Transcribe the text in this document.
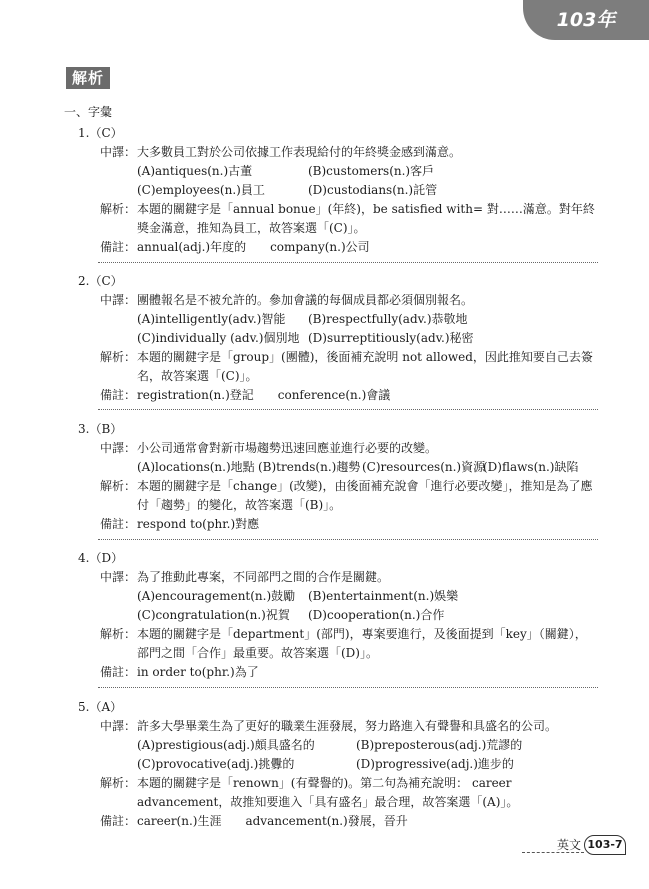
103年
解析
一、字彙
1.（C）
中譯： 大多數員工對於公司依據工作表現給付的年終獎金感到滿意。
(A)antiques(n.)古董	(B)customers(n.)客戶
(C)employees(n.)員工	(D)custodians(n.)託管
解析： 本題的關鍵字是「annual bonue」(年終)，be satisfied with= 對……滿意。對年終獎金滿意，推知為員工，故答案選「(C)」。
備註： annual(adj.)年度的　　company(n.)公司
2.（C）
中譯： 團體報名是不被允許的。參加會議的每個成員都必須個別報名。
(A)intelligently(adv.)智能 (B)respectfully(adv.)恭敬地
(C)individually (adv.)個別地 (D)surreptitiously(adv.)秘密
解析： 本題的關鍵字是「group」(團體)，後面補充說明 not allowed，因此推知要自己去簽名，故答案選「(C)」。
備註： registration(n.)登記　　conference(n.)會議
3.（B）
中譯： 小公司通常會對新市場趨勢迅速回應並進行必要的改變。
(A)locations(n.)地點 (B)trends(n.)趨勢 (C)resources(n.)資源
(D)flaws(n.)缺陷
解析： 本題的關鍵字是「change」(改變)，由後面補充說會「進行必要改變」，推知是為了應付「趨勢」的變化，故答案選「(B)」。
備註： respond to(phr.)對應
4.（D）
中譯： 為了推動此專案，不同部門之間的合作是關鍵。
(A)encouragement(n.)鼓勵 (B)entertainment(n.)娛樂
(C)congratulation(n.)祝賀 (D)cooperation(n.)合作
解析： 本題的關鍵字是「department」(部門)，專案要進行，及後面提到「key」（關鍵），部門之間「合作」最重要。故答案選「(D)」。
備註： in order to(phr.)為了
5.（A）
中譯： 許多大學畢業生為了更好的職業生涯發展，努力路進入有聲譽和具盛名的公司。
(A)prestigious(adj.)頗具盛名的	(B)preposterous(adj.)荒謬的
(C)provocative(adj.)挑釁的	(D)progressive(adj.)進步的
解析： 本題的關鍵字是「renown」(有聲譽的)。第二句為補充說明： career advancement，故推知要進入「具有盛名」最合理，故答案選「(A)」。
備註： career(n.)生涯　　advancement(n.)發展，晉升
英文 103-7
